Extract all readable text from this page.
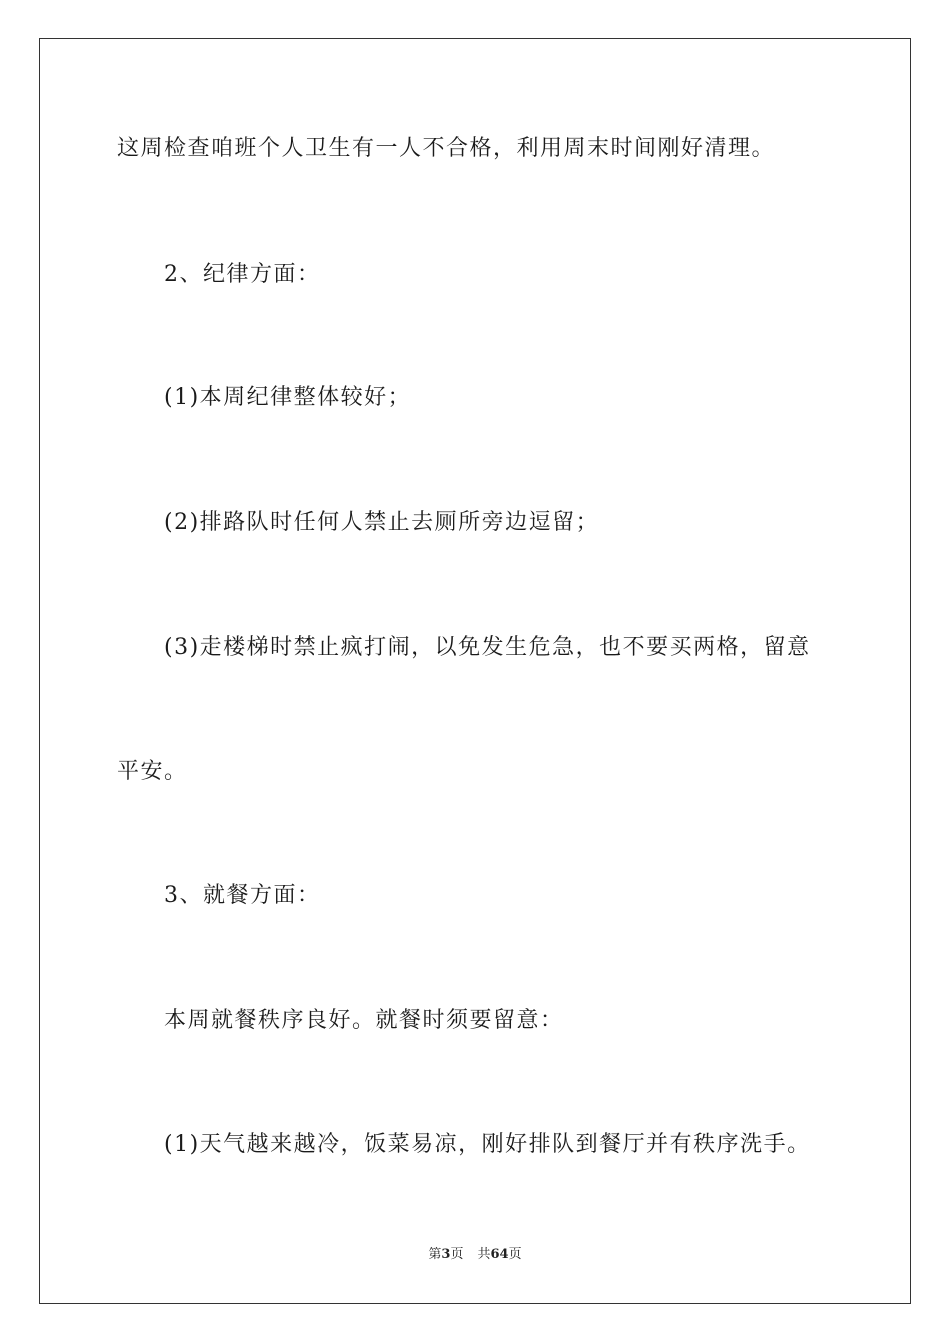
这周检查咱班个人卫生有一人不合格，利用周末时间刚好清理。
2、纪律方面：
(1)本周纪律整体较好；
(2)排路队时任何人禁止去厕所旁边逗留；
(3)走楼梯时禁止疯打闹，以免发生危急，也不要买两格，留意
平安。
3、就餐方面：
本周就餐秩序良好。就餐时须要留意：
(1)天气越来越冷，饭菜易凉，刚好排队到餐厅并有秩序洗手。
第3页 共64页
